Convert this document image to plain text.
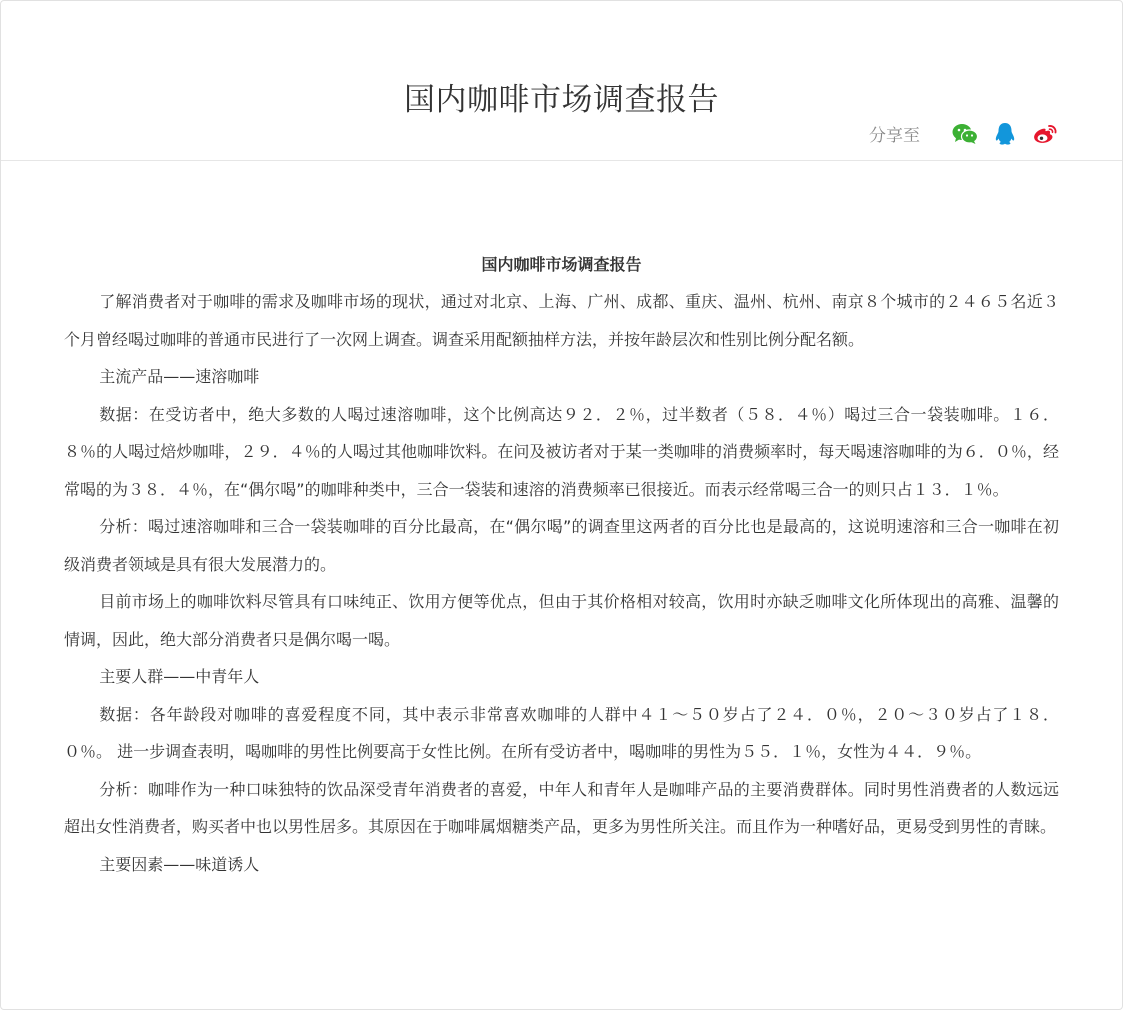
国内咖啡市场调查报告
分享至
国内咖啡市场调查报告

了解消费者对于咖啡的需求及咖啡市场的现状，通过对北京、上海、广州、成都、重庆、温州、杭州、南京８个城市的２４６５名近３个月曾经喝过咖啡的普通市民进行了一次网上调查。调查采用配额抽样方法，并按年龄层次和性别比例分配名额。

主流产品——速溶咖啡

数据：在受访者中，绝大多数的人喝过速溶咖啡，这个比例高达９２．２％，过半数者（５８．４％）喝过三合一袋装咖啡。１６．８％的人喝过焙炒咖啡，２９．４％的人喝过其他咖啡饮料。在问及被访者对于某一类咖啡的消费频率时，每天喝速溶咖啡的为６．０％，经常喝的为３８．４％，在“偶尔喝”的咖啡种类中，三合一袋装和速溶的消费频率已很接近。而表示经常喝三合一的则只占１３．１％。

分析：喝过速溶咖啡和三合一袋装咖啡的百分比最高，在“偶尔喝”的调查里这两者的百分比也是最高的，这说明速溶和三合一咖啡在初级消费者领域是具有很大发展潜力的。

目前市场上的咖啡饮料尽管具有口味纯正、饮用方便等优点，但由于其价格相对较高，饮用时亦缺乏咖啡文化所体现出的高雅、温馨的情调，因此，绝大部分消费者只是偶尔喝一喝。

主要人群——中青年人

数据：各年龄段对咖啡的喜爱程度不同，其中表示非常喜欢咖啡的人群中４１～５０岁占了２４．０％，２０～３０岁占了１８．０％。 进一步调查表明，喝咖啡的男性比例要高于女性比例。在所有受访者中，喝咖啡的男性为５５．１％，女性为４４．９％。

分析：咖啡作为一种口味独特的饮品深受青年消费者的喜爱，中年人和青年人是咖啡产品的主要消费群体。同时男性消费者的人数远远超出女性消费者，购买者中也以男性居多。其原因在于咖啡属烟糖类产品，更多为男性所关注。而且作为一种嗜好品，更易受到男性的青睐。

主要因素——味道诱人
